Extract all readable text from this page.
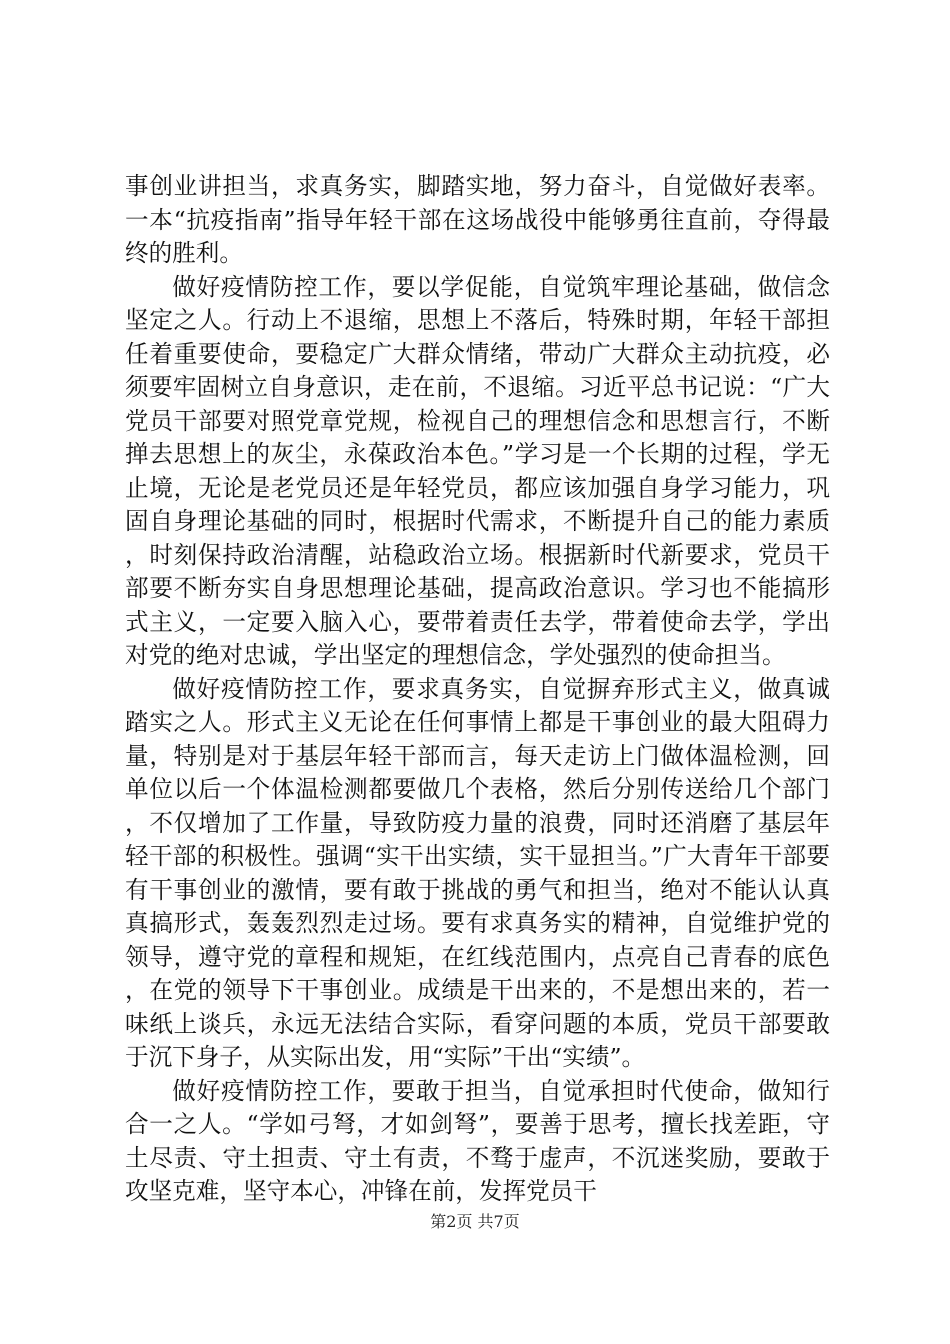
事创业讲担当，求真务实，脚踏实地，努力奋斗，自觉做好表率。一本“抗疫指南”指导年轻干部在这场战役中能够勇往直前，夺得最终的胜利。

做好疫情防控工作，要以学促能，自觉筑牢理论基础，做信念坚定之人。行动上不退缩，思想上不落后，特殊时期，年轻干部担任着重要使命，要稳定广大群众情绪，带动广大群众主动抗疫，必须要牢固树立自身意识，走在前，不退缩。习近平总书记说：“广大党员干部要对照党章党规，检视自己的理想信念和思想言行，不断掸去思想上的灰尘，永葆政治本色。”学习是一个长期的过程，学无止境，无论是老党员还是年轻党员，都应该加强自身学习能力，巩固自身理论基础的同时，根据时代需求，不断提升自己的能力素质，时刻保持政治清醒，站稳政治立场。根据新时代新要求，党员干部要不断夯实自身思想理论基础，提高政治意识。学习也不能搞形式主义，一定要入脑入心，要带着责任去学，带着使命去学，学出对党的绝对忠诚，学出坚定的理想信念，学处强烈的使命担当。

做好疫情防控工作，要求真务实，自觉摒弃形式主义，做真诚踏实之人。形式主义无论在任何事情上都是干事创业的最大阻碍力量，特别是对于基层年轻干部而言，每天走访上门做体温检测，回单位以后一个体温检测都要做几个表格，然后分别传送给几个部门，不仅增加了工作量，导致防疫力量的浪费，同时还消磨了基层年轻干部的积极性。强调“实干出实绩，实干显担当。”广大青年干部要有干事创业的激情，要有敢于挑战的勇气和担当，绝对不能认认真真搞形式，轰轰烈烈走过场。要有求真务实的精神，自觉维护党的领导，遵守党的章程和规矩，在红线范围内，点亮自己青春的底色，在党的领导下干事创业。成绩是干出来的，不是想出来的，若一味纸上谈兵，永远无法结合实际，看穿问题的本质，党员干部要敢于沉下身子，从实际出发，用“实际”干出“实绩”。

做好疫情防控工作，要敢于担当，自觉承担时代使命，做知行合一之人。“学如弓弩，才如剑弩”，要善于思考，擅长找差距，守土尽责、守土担责、守土有责，不骛于虚声，不沉迷奖励，要敢于攻坚克难，坚守本心，冲锋在前，发挥党员干

第2页 共7页
